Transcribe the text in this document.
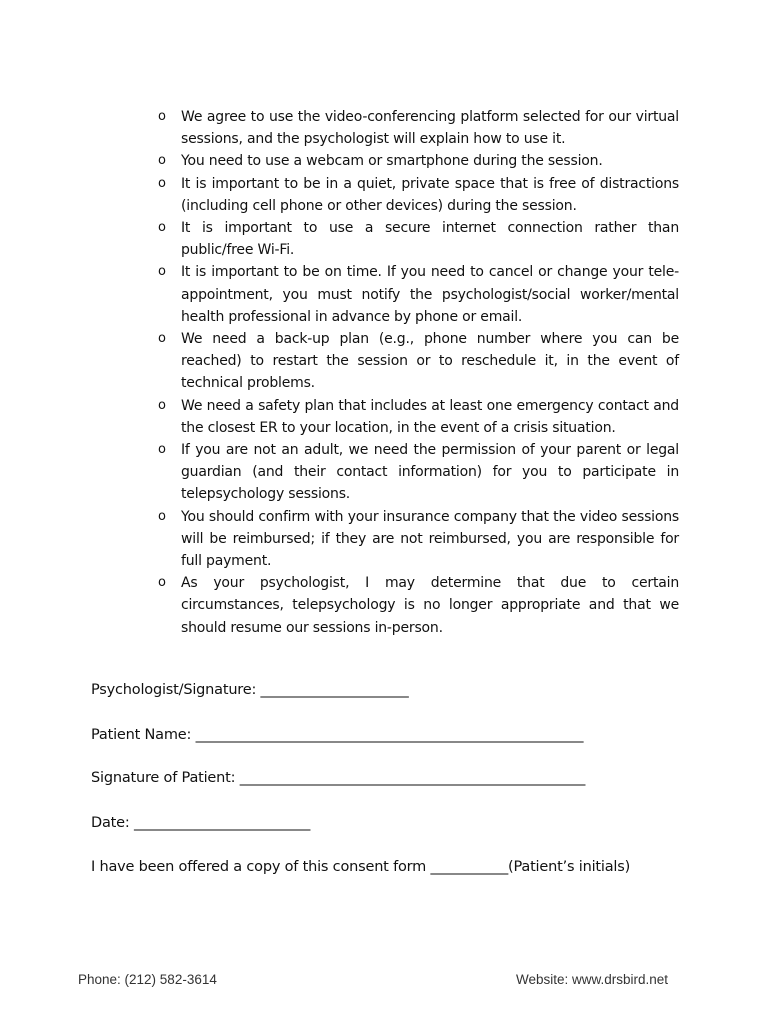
o We agree to use the video-conferencing platform selected for our virtual sessions, and the psychologist will explain how to use it.
o You need to use a webcam or smartphone during the session.
o It is important to be in a quiet, private space that is free of distractions (including cell phone or other devices) during the session.
o It is important to use a secure internet connection rather than public/free Wi-Fi.
o It is important to be on time. If you need to cancel or change your tele-appointment, you must notify the psychologist/social worker/mental health professional in advance by phone or email.
o We need a back-up plan (e.g., phone number where you can be reached) to restart the session or to reschedule it, in the event of technical problems.
o We need a safety plan that includes at least one emergency contact and the closest ER to your location, in the event of a crisis situation.
o If you are not an adult, we need the permission of your parent or legal guardian (and their contact information) for you to participate in telepsychology sessions.
o You should confirm with your insurance company that the video sessions will be reimbursed; if they are not reimbursed, you are responsible for full payment.
o As your psychologist, I may determine that due to certain circumstances, telepsychology is no longer appropriate and that we should resume our sessions in-person.
Psychologist/Signature: _____________________
Patient Name: _______________________________________________________
Signature of Patient: _________________________________________________
Date: _________________________
I have been offered a copy of this consent form ___________(Patient’s initials)
Phone: (212) 582-3614	Website: www.drsbird.net
